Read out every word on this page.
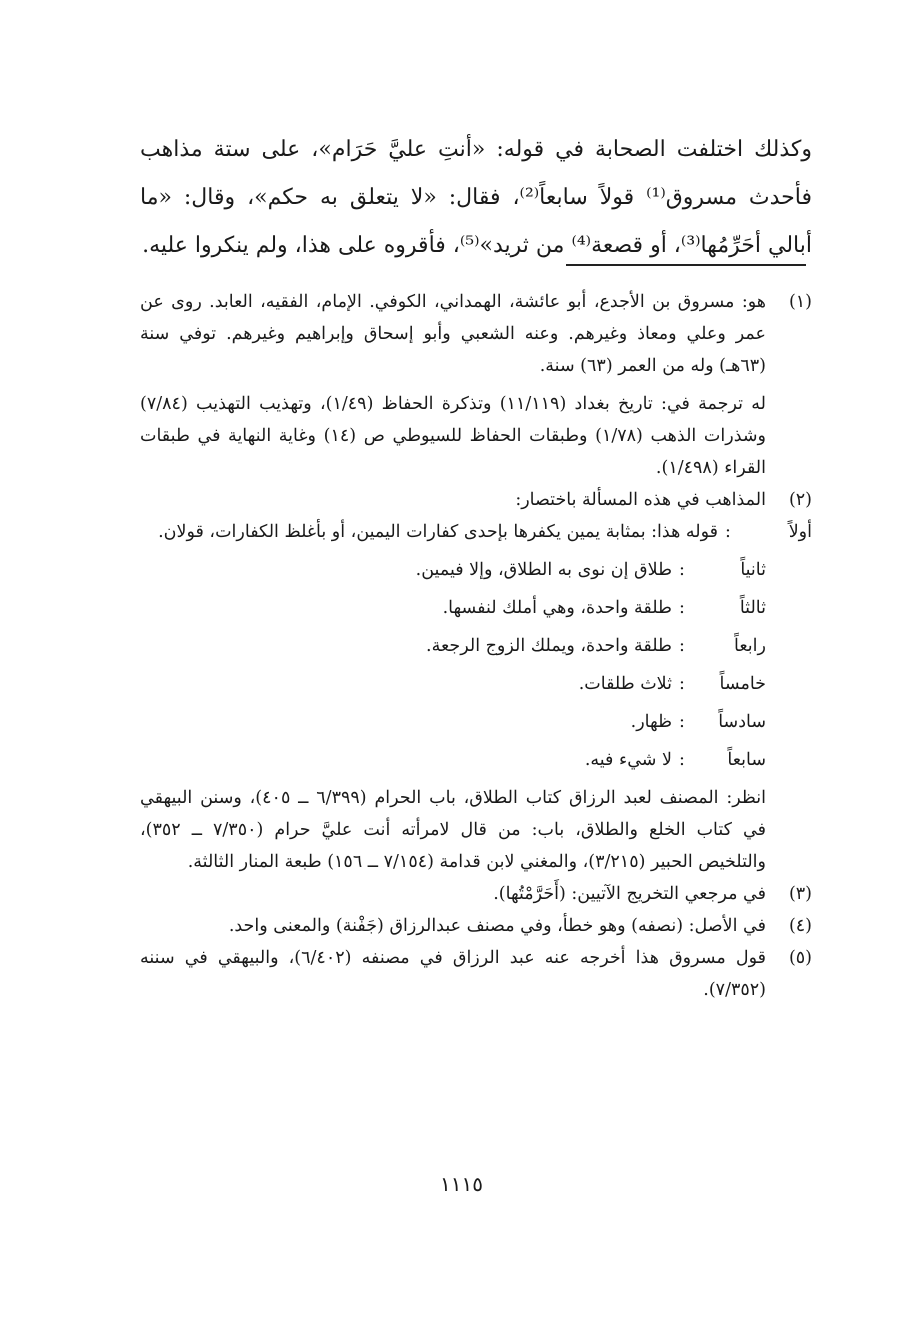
وكذلك اختلفت الصحابة في قوله: «أنتِ عليَّ حَرَام»، على ستة مذاهب فأحدث مسروق⁽¹⁾ قولاً سابعاً⁽²⁾، فقال: «لا يتعلق به حكم»، وقال: «ما أبالي أحَرِّمُها⁽³⁾، أو قصعة⁽⁴⁾ من ثريد»⁽⁵⁾، فأقروه على هذا، ولم ينكروا عليه.

(١)

هو: مسروق بن الأجدع، أبو عائشة، الهمداني، الكوفي. الإمام، الفقيه، العابد. روى عن عمر وعلي ومعاذ وغيرهم. وعنه الشعبي وأبو إسحاق وإبراهيم وغيرهم. توفي سنة (٦٣هـ) وله من العمر (٦٣) سنة.

له ترجمة في: تاريخ بغداد (١١/١١٩) وتذكرة الحفاظ (١/٤٩)، وتهذيب التهذيب (٧/٨٤) وشذرات الذهب (١/٧٨) وطبقات الحفاظ للسيوطي ص (١٤) وغاية النهاية في طبقات القراء (١/٤٩٨).

(٢)

المذاهب في هذه المسألة باختصار:

أولاً
:
قوله هذا: بمثابة يمين يكفرها بإحدى كفارات اليمين، أو بأغلظ الكفارات، قولان.
ثانياً
:
طلاق إن نوى به الطلاق، وإلا فيمين.
ثالثاً
:
طلقة واحدة، وهي أملك لنفسها.
رابعاً
:
طلقة واحدة، ويملك الزوج الرجعة.
خامساً
:
ثلاث طلقات.
سادساً
:
ظهار.
سابعاً
:
لا شيء فيه.

انظر: المصنف لعبد الرزاق كتاب الطلاق، باب الحرام (٦/٣٩٩ ــ ٤٠٥)، وسنن البيهقي في كتاب الخلع والطلاق، باب: من قال لامرأته أنت عليَّ حرام (٧/٣٥٠ ــ ٣٥٢)، والتلخيص الحبير (٣/٢١٥)، والمغني لابن قدامة (٧/١٥٤ ــ ١٥٦) طبعة المنار الثالثة.

(٣)
في مرجعي التخريج الآتيين: (أَحَرَّمْتُها).
(٤)
في الأصل: (نصفه) وهو خطأ، وفي مصنف عبدالرزاق (جَفْنة) والمعنى واحد.
(٥)
قول مسروق هذا أخرجه عنه عبد الرزاق في مصنفه (٦/٤٠٢)، والبيهقي في سننه (٧/٣٥٢).
١١١٥
